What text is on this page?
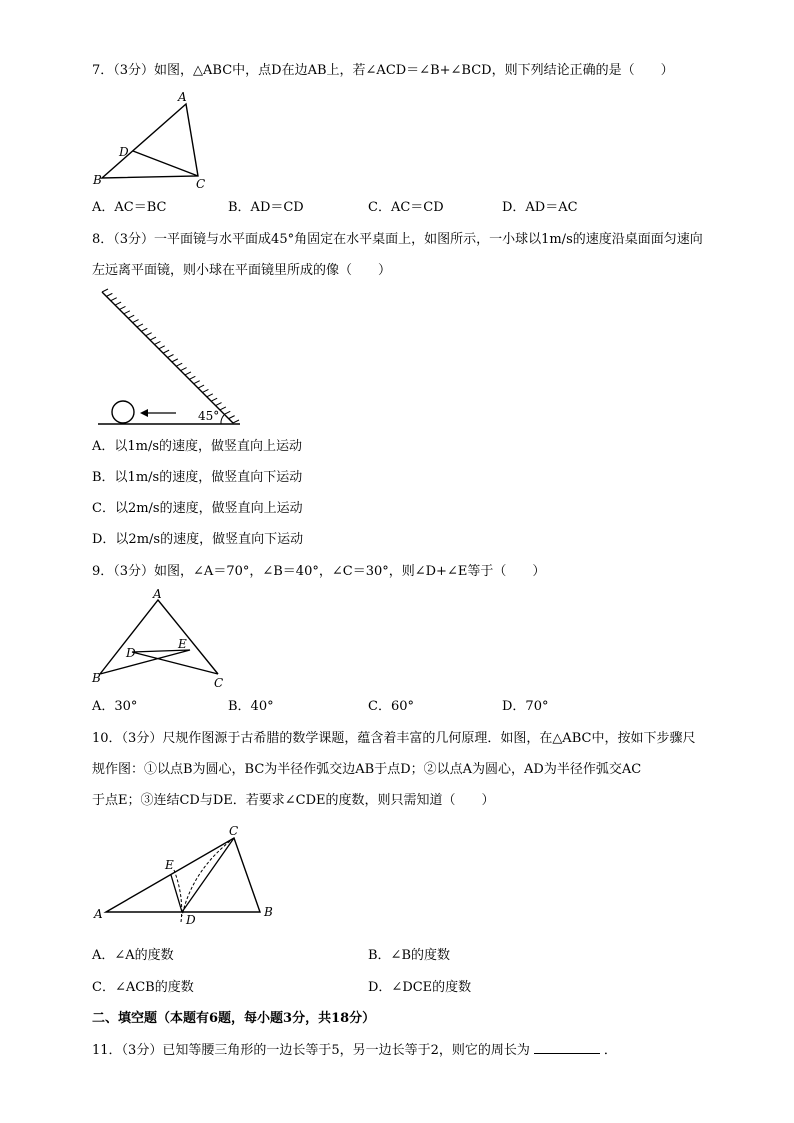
7．（3分）如图，△ABC中，点D在边AB上，若∠ACD＝∠B+∠BCD，则下列结论正确的是（　　）
A
D
B	C
A．AC＝BC	B．AD＝CD	C．AC＝CD	D．AD＝AC
8．（3分）一平面镜与水平面成45°角固定在水平桌面上，如图所示，一小球以1m/s的速度沿桌面面匀速向
左远离平面镜，则小球在平面镜里所成的像（　　）
45°
A．以1m/s的速度，做竖直向上运动
B．以1m/s的速度，做竖直向下运动
C．以2m/s的速度，做竖直向上运动
D．以2m/s的速度，做竖直向下运动
9．（3分）如图，∠A＝70°，∠B＝40°，∠C＝30°，则∠D+∠E等于（　　）
A
E
D
B	C
A．30°	B．40°	C．60°	D．70°
10．（3分）尺规作图源于古希腊的数学课题，蕴含着丰富的几何原理．如图，在△ABC中，按如下步骤尺
规作图：①以点B为圆心，BC为半径作弧交边AB于点D；②以点A为圆心，AD为半径作弧交AC
于点E；③连结CD与DE．若要求∠CDE的度数，则只需知道（　　）
C
E
A	D
B
A．∠A的度数	B．∠B的度数
C．∠ACB的度数	D．∠DCE的度数
二、填空题（本题有6题，每小题3分，共18分）
11．（3分）已知等腰三角形的一边长等于5，另一边长等于2，则它的周长为	．
